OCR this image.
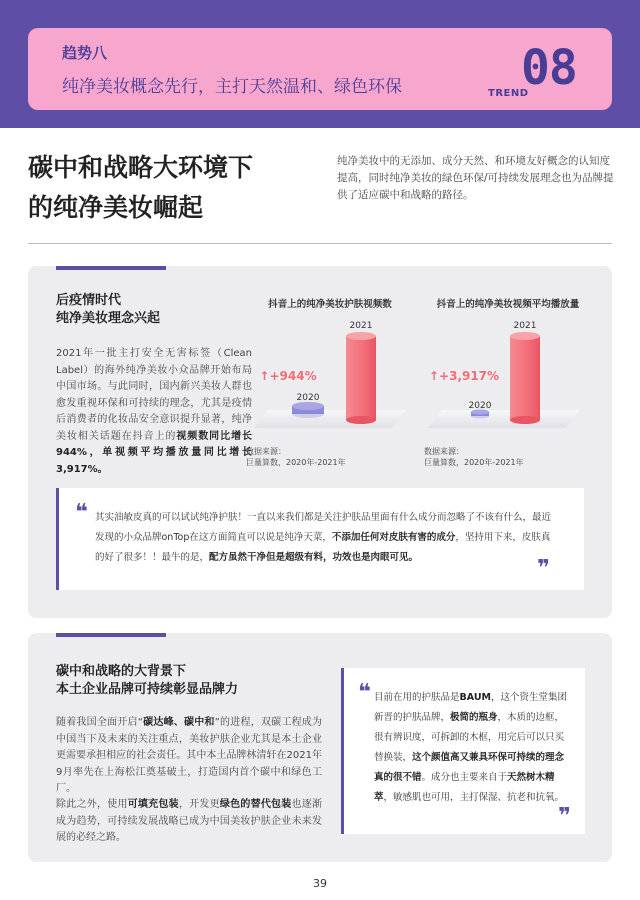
趋势八
纯净美妆概念先行，主打天然温和、绿色环保	TREND
08
碳中和战略大环境下
的纯净美妆崛起
纯净美妆中的无添加、成分天然、和环境友好概念的认知度提高，同时纯净美妆的绿色环保/可持续发展理念也为品牌提供了适应碳中和战略的路径。
后疫情时代
纯净美妆理念兴起
2021年一批主打安全无害标签（Clean Label）的海外纯净美妆小众品牌开始布局中国市场。与此同时，国内新兴美妆人群也愈发重视环保和可持续的理念，尤其是疫情后消费者的化妆品安全意识提升显著，纯净美妆相关话题在抖音上的视频数同比增长944%，单视频平均播放量同比增长3,917%。
抖音上的纯净美妆护肤视频数
2020
2021
↑+944%
数据来源：
巨量算数，2020年-2021年
抖音上的纯净美妆视频平均播放量
2020
2021
↑+3,917%
数据来源：
巨量算数，2020年-2021年
❝ 其实油敏皮真的可以试试纯净护肤！一直以来我们都是关注护肤品里面有什么成分而忽略了不该有什么，最近发现的小众品牌onTop在这方面简直可以说是纯净天菜，不添加任何对皮肤有害的成分，坚持用下来，皮肤真的好了很多！！最牛的是，配方虽然干净但是超级有料，功效也是肉眼可见。	❞
碳中和战略的大背景下
本土企业品牌可持续彰显品牌力
随着我国全面开启“碳达峰、碳中和”的进程，双碳工程成为中国当下及未来的关注重点，美妆护肤企业尤其是本土企业更需要承担相应的社会责任。其中本土品牌林清轩在2021年9月率先在上海松江奠基破土，打造国内首个碳中和绿色工厂。
除此之外，使用可填充包装，开发更绿色的替代包装也逐渐成为趋势，可持续发展战略已成为中国美妆护肤企业未来发展的必经之路。
❝ 目前在用的护肤品是BAUM，这个资生堂集团新晋的护肤品牌，极简的瓶身，木质的边框，很有辨识度，可拆卸的木框，用完后可以只买替换装，这个颜值高又兼具环保可持续的理念真的很不错。成分也主要来自于天然树木精萃，敏感肌也可用，主打保湿、抗老和抗氧。
❞
39
